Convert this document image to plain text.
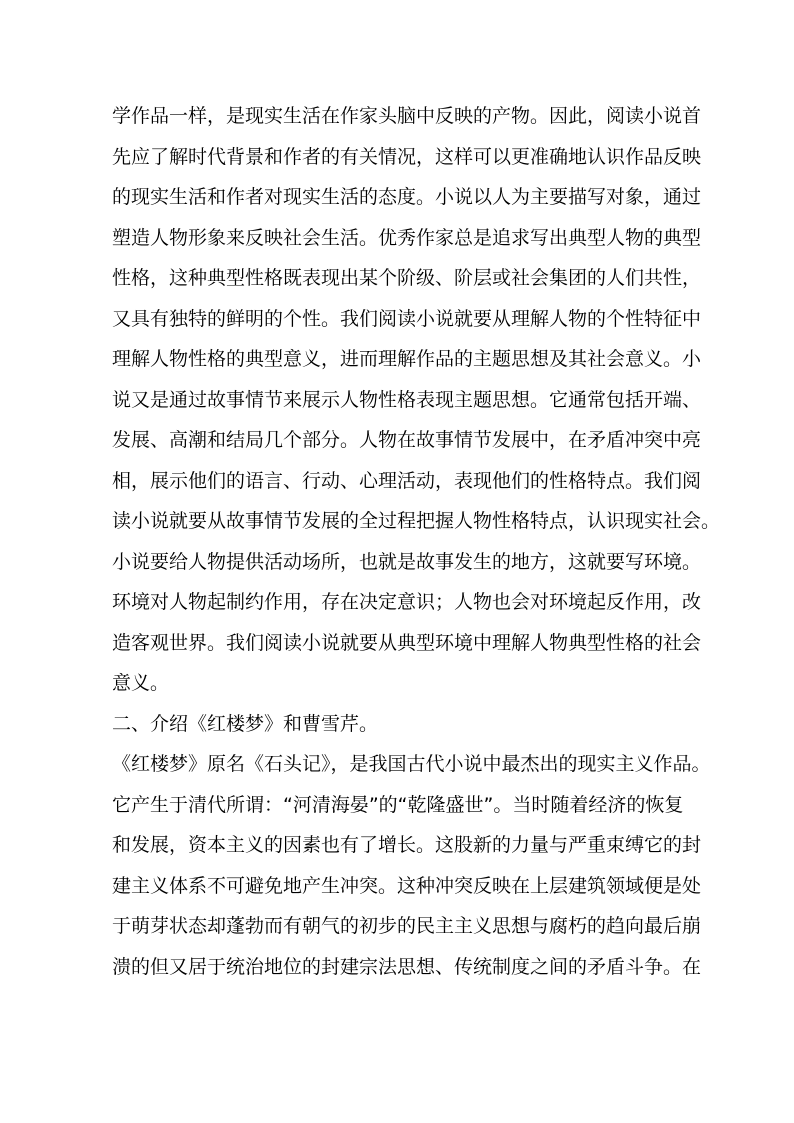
学作品一样，是现实生活在作家头脑中反映的产物。因此，阅读小说首
先应了解时代背景和作者的有关情况，这样可以更准确地认识作品反映
的现实生活和作者对现实生活的态度。小说以人为主要描写对象，通过
塑造人物形象来反映社会生活。优秀作家总是追求写出典型人物的典型
性格，这种典型性格既表现出某个阶级、阶层或社会集团的人们共性，
又具有独特的鲜明的个性。我们阅读小说就要从理解人物的个性特征中
理解人物性格的典型意义，进而理解作品的主题思想及其社会意义。小
说又是通过故事情节来展示人物性格表现主题思想。它通常包括开端、
发展、高潮和结局几个部分。人物在故事情节发展中，在矛盾冲突中亮
相，展示他们的语言、行动、心理活动，表现他们的性格特点。我们阅
读小说就要从故事情节发展的全过程把握人物性格特点，认识现实社会。
小说要给人物提供活动场所，也就是故事发生的地方，这就要写环境。
环境对人物起制约作用，存在决定意识；人物也会对环境起反作用，改
造客观世界。我们阅读小说就要从典型环境中理解人物典型性格的社会
意义。
二、介绍《红楼梦》和曹雪芹。
《红楼梦》原名《石头记》，是我国古代小说中最杰出的现实主义作品。
它产生于清代所谓：“河清海晏”的“乾隆盛世”。当时随着经济的恢复
和发展，资本主义的因素也有了增长。这股新的力量与严重束缚它的封
建主义体系不可避免地产生冲突。这种冲突反映在上层建筑领域便是处
于萌芽状态却蓬勃而有朝气的初步的民主主义思想与腐朽的趋向最后崩
溃的但又居于统治地位的封建宗法思想、传统制度之间的矛盾斗争。在
